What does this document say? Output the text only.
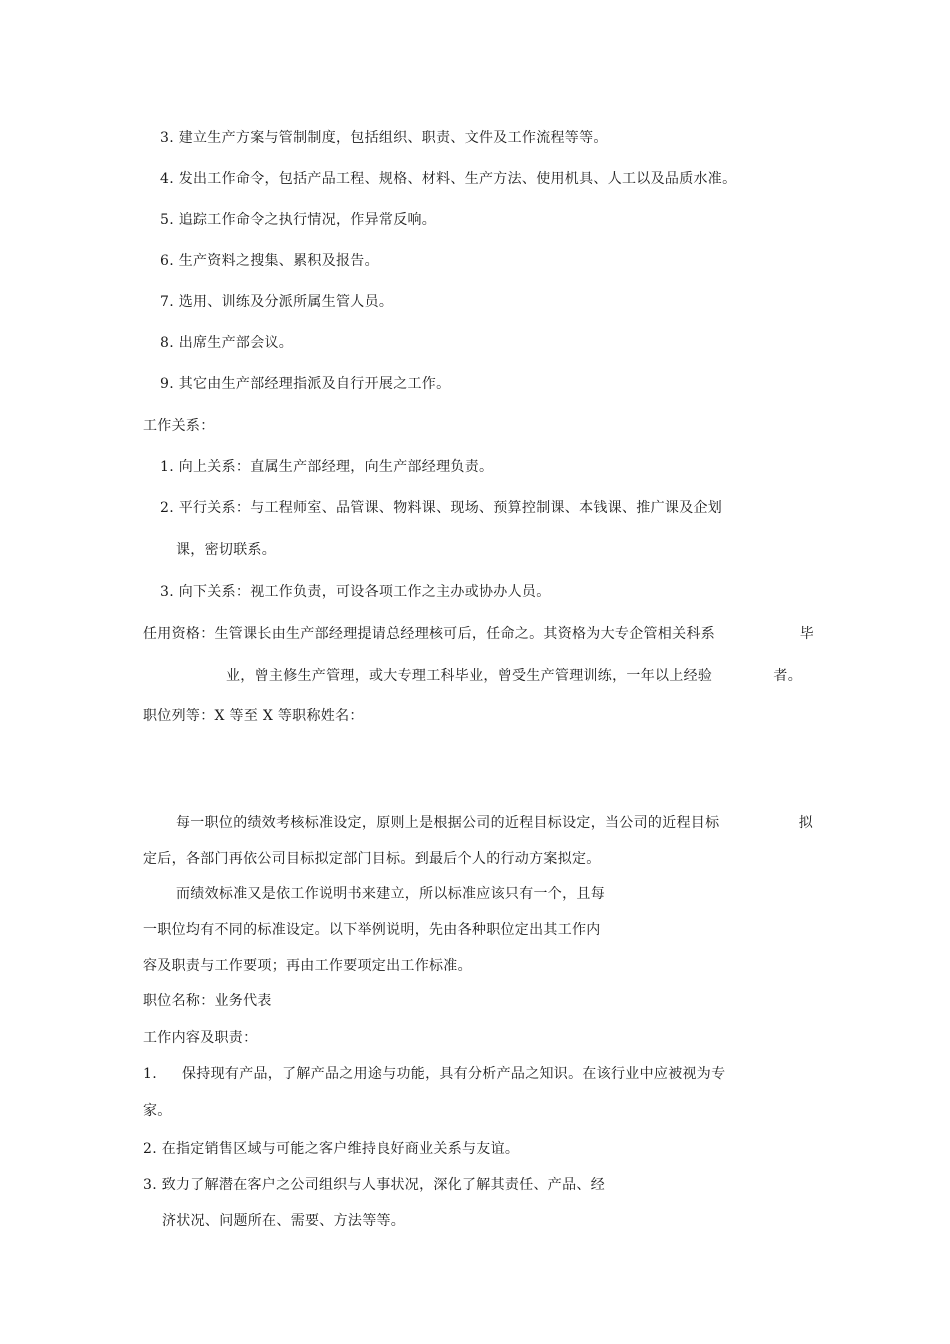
3. 建立生产方案与管制制度，包括组织、职责、文件及工作流程等等。
4. 发出工作命令，包括产品工程、规格、材料、生产方法、使用机具、人工以及品质水准。
5. 追踪工作命令之执行情况，作异常反响。
6. 生产资料之搜集、累积及报告。
7. 选用、训练及分派所属生管人员。
8. 出席生产部会议。
9. 其它由生产部经理指派及自行开展之工作。
工作关系：
1. 向上关系：直属生产部经理，向生产部经理负责。
2. 平行关系：与工程师室、品管课、物料课、现场、预算控制课、本钱课、推广课及企划
课，密切联系。
3. 向下关系：视工作负责，可设各项工作之主办或协办人员。
任用资格：生管课长由生产部经理提请总经理核可后，任命之。其资格为大专企管相关科系	毕
业，曾主修生产管理，或大专理工科毕业，曾受生产管理训练，一年以上经验	者。
职位列等：X 等至 X 等职称姓名：
每一职位的绩效考核标准设定，原则上是根据公司的近程目标设定，当公司的近程目标	拟
定后，各部门再依公司目标拟定部门目标。到最后个人的行动方案拟定。
而绩效标准又是依工作说明书来建立，所以标准应该只有一个，且每
一职位均有不同的标准设定。以下举例说明，先由各种职位定出其工作内
容及职责与工作要项；再由工作要项定出工作标准。
职位名称：业务代表
工作内容及职责：
1. 保持现有产品，了解产品之用途与功能，具有分析产品之知识。在该行业中应被视为专
家。
2. 在指定销售区域与可能之客户维持良好商业关系与友谊。
3. 致力了解潜在客户之公司组织与人事状况，深化了解其责任、产品、经
济状况、问题所在、需要、方法等等。
